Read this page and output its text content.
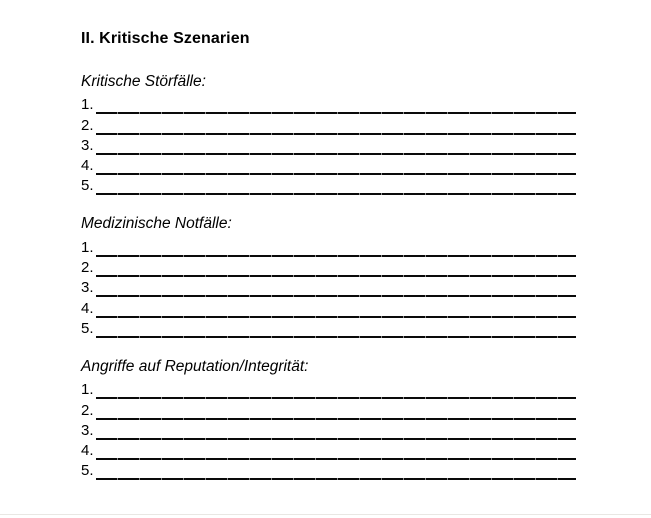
II. Kritische Szenarien

Kritische Störfälle:

1.
2.
3.
4.
5.

Medizinische Notfälle:

1.
2.
3.
4.
5.

Angriffe auf Reputation/Integrität:

1.
2.
3.
4.
5.
